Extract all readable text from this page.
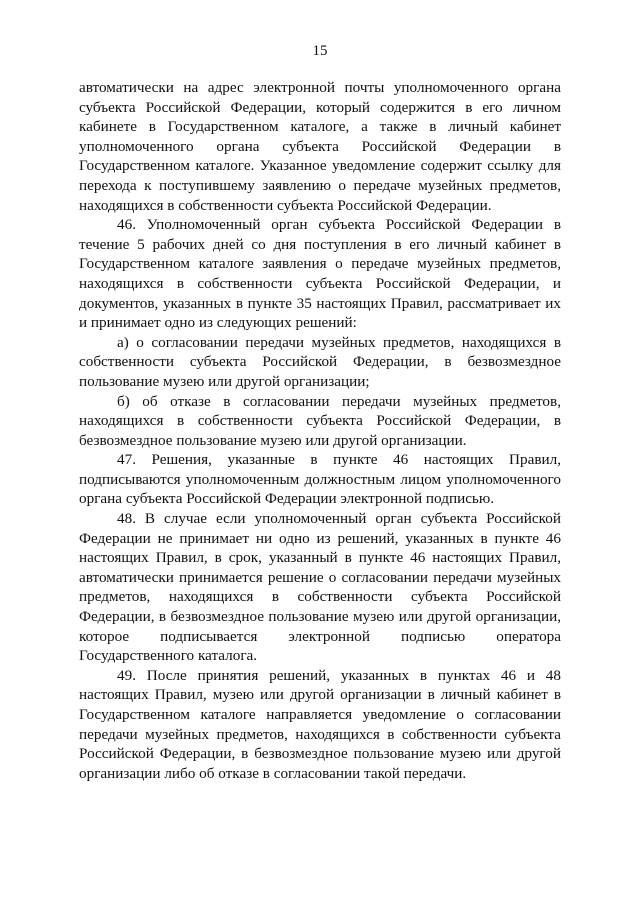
15

автоматически на адрес электронной почты уполномоченного органа субъекта Российской Федерации, который содержится в его личном кабинете в Государственном каталоге, а также в личный кабинет уполномоченного органа субъекта Российской Федерации в Государственном каталоге. Указанное уведомление содержит ссылку для перехода к поступившему заявлению о передаче музейных предметов, находящихся в собственности субъекта Российской Федерации.

46. Уполномоченный орган субъекта Российской Федерации в течение 5 рабочих дней со дня поступления в его личный кабинет в Государственном каталоге заявления о передаче музейных предметов, находящихся в собственности субъекта Российской Федерации, и документов, указанных в пункте 35 настоящих Правил, рассматривает их и принимает одно из следующих решений:

а) о согласовании передачи музейных предметов, находящихся в собственности субъекта Российской Федерации, в безвозмездное пользование музею или другой организации;

б) об отказе в согласовании передачи музейных предметов, находящихся в собственности субъекта Российской Федерации, в безвозмездное пользование музею или другой организации.

47. Решения, указанные в пункте 46 настоящих Правил, подписываются уполномоченным должностным лицом уполномоченного органа субъекта Российской Федерации электронной подписью.

48. В случае если уполномоченный орган субъекта Российской Федерации не принимает ни одно из решений, указанных в пункте 46 настоящих Правил, в срок, указанный в пункте 46 настоящих Правил, автоматически принимается решение о согласовании передачи музейных предметов, находящихся в собственности субъекта Российской Федерации, в безвозмездное пользование музею или другой организации, которое подписывается электронной подписью оператора Государственного каталога.

49. После принятия решений, указанных в пунктах 46 и 48 настоящих Правил, музею или другой организации в личный кабинет в Государственном каталоге направляется уведомление о согласовании передачи музейных предметов, находящихся в собственности субъекта Российской Федерации, в безвозмездное пользование музею или другой организации либо об отказе в согласовании такой передачи.
